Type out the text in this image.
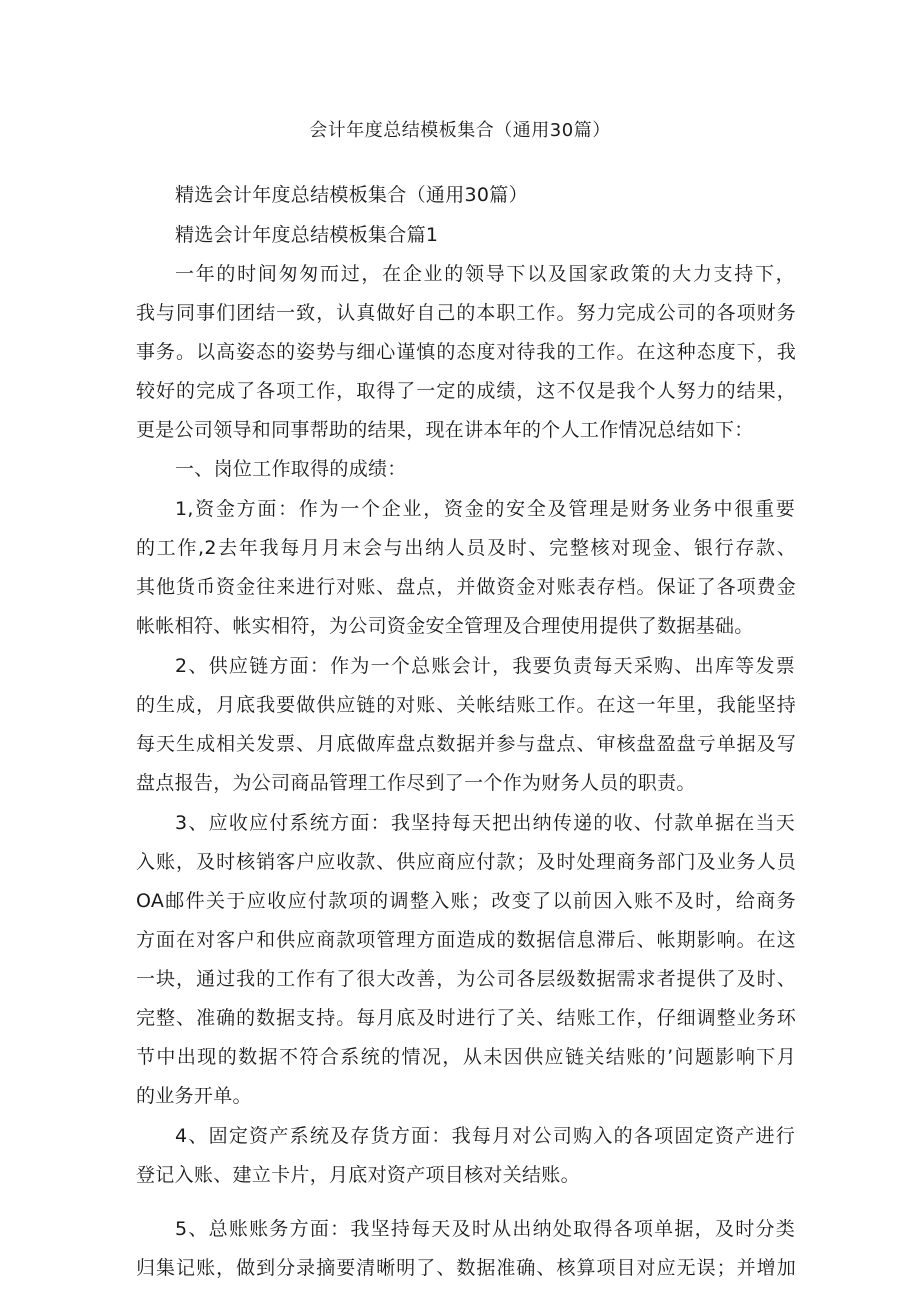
会计年度总结模板集合（通用30篇）
精选会计年度总结模板集合（通用30篇）
精选会计年度总结模板集合篇1
一年的时间匆匆而过，在企业的领导下以及国家政策的大力支持下，
我与同事们团结一致，认真做好自己的本职工作。努力完成公司的各项财务
事务。以高姿态的姿势与细心谨慎的态度对待我的工作。在这种态度下，我
较好的完成了各项工作，取得了一定的成绩，这不仅是我个人努力的结果，
更是公司领导和同事帮助的结果，现在讲本年的个人工作情况总结如下：
一、岗位工作取得的成绩：
1,资金方面：作为一个企业，资金的安全及管理是财务业务中很重要
的工作,2去年我每月月末会与出纳人员及时、完整核对现金、银行存款、
其他货币资金往来进行对账、盘点，并做资金对账表存档。保证了各项费金
帐帐相符、帐实相符，为公司资金安全管理及合理使用提供了数据基础。
2、供应链方面：作为一个总账会计，我要负责每天采购、出库等发票
的生成，月底我要做供应链的对账、关帐结账工作。在这一年里，我能坚持
每天生成相关发票、月底做库盘点数据并参与盘点、审核盘盈盘亏单据及写
盘点报告，为公司商品管理工作尽到了一个作为财务人员的职责。
3、应收应付系统方面：我坚持每天把出纳传递的收、付款单据在当天
入账，及时核销客户应收款、供应商应付款；及时处理商务部门及业务人员
OA邮件关于应收应付款项的调整入账；改变了以前因入账不及时，给商务
方面在对客户和供应商款项管理方面造成的数据信息滞后、帐期影响。在这
一块，通过我的工作有了很大改善，为公司各层级数据需求者提供了及时、
完整、准确的数据支持。每月底及时进行了关、结账工作，仔细调整业务环
节中出现的数据不符合系统的情况，从未因供应链关结账的’问题影响下月
的业务开单。
4、固定资产系统及存货方面：我每月对公司购入的各项固定资产进行
登记入账、建立卡片，月底对资产项目核对关结账。
5、总账账务方面：我坚持每天及时从出纳处取得各项单据，及时分类
归集记账，做到分录摘要清晰明了、数据准确、核算项目对应无误；并增加
